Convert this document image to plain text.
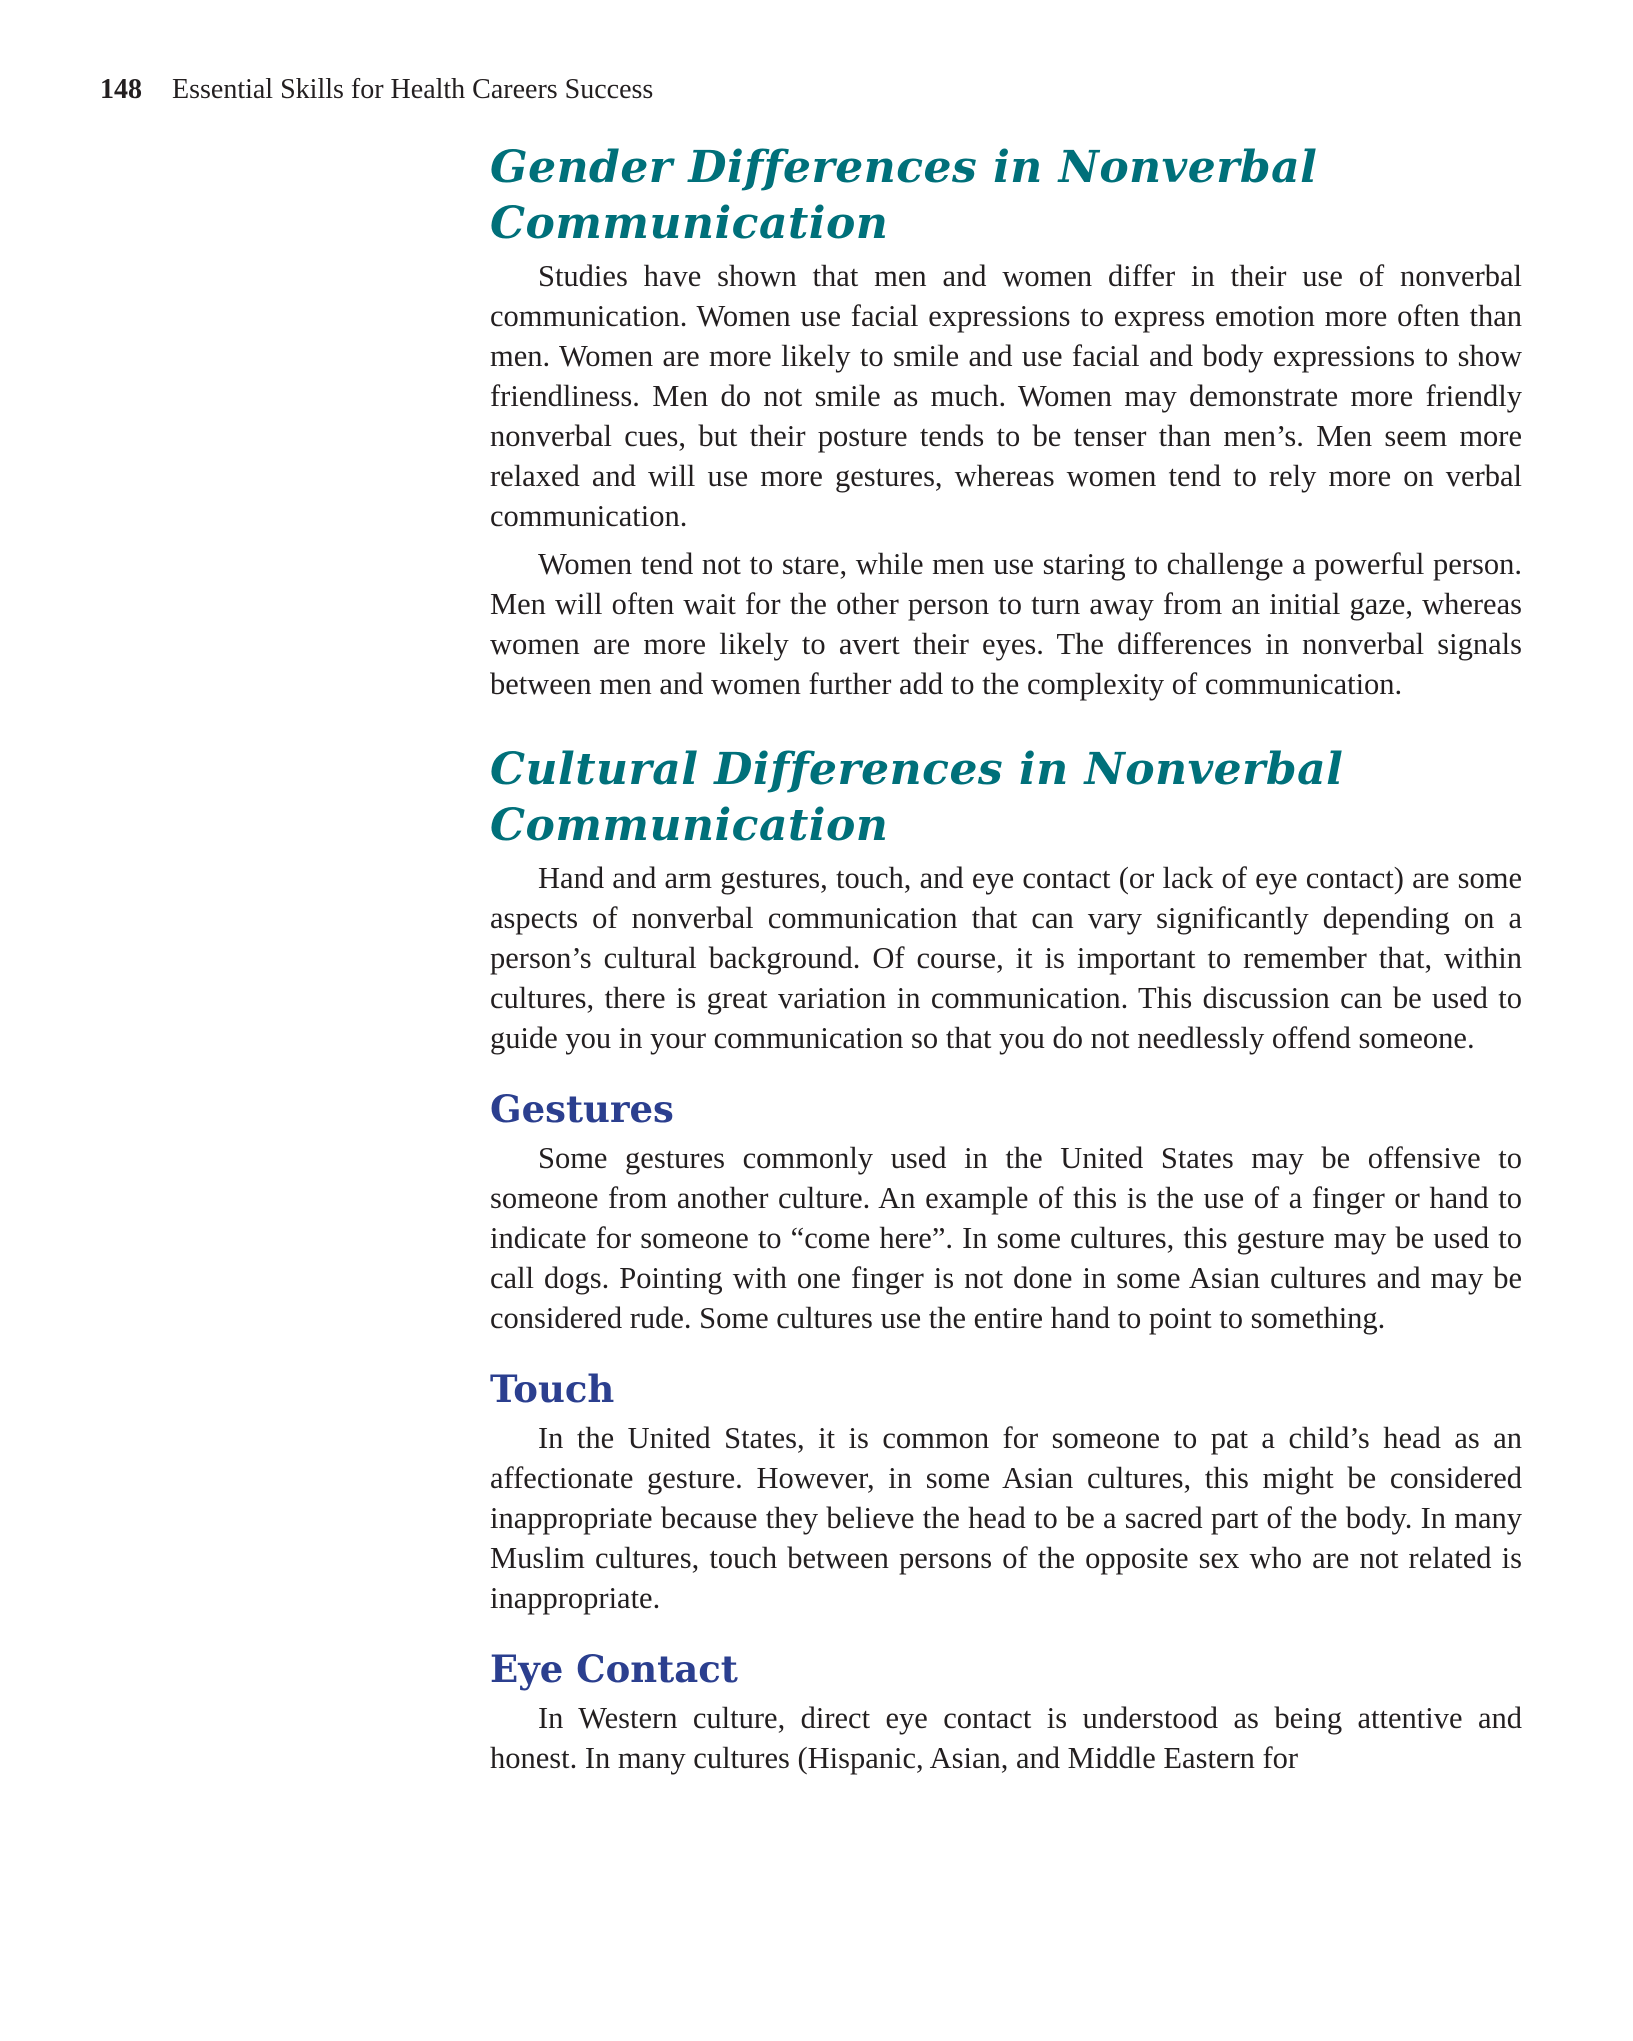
148 Essential Skills for Health Careers Success
Gender Differences in Nonverbal Communication

Studies have shown that men and women differ in their use of nonverbal communication. Women use facial expressions to express emotion more often than men. Women are more likely to smile and use facial and body expressions to show friendliness. Men do not smile as much. Women may demonstrate more friendly nonverbal cues, but their posture tends to be tenser than men’s. Men seem more relaxed and will use more gestures, whereas women tend to rely more on verbal communication.

Women tend not to stare, while men use staring to challenge a powerful person. Men will often wait for the other person to turn away from an initial gaze, whereas women are more likely to avert their eyes. The differences in nonverbal signals between men and women further add to the complexity of communication.

Cultural Differences in Nonverbal Communication

Hand and arm gestures, touch, and eye contact (or lack of eye contact) are some aspects of nonverbal communication that can vary significantly depending on a person’s cultural background. Of course, it is important to remember that, within cultures, there is great variation in communication. This discussion can be used to guide you in your communication so that you do not needlessly offend someone.

Gestures

Some gestures commonly used in the United States may be offensive to someone from another culture. An example of this is the use of a finger or hand to indicate for someone to “come here”. In some cultures, this gesture may be used to call dogs. Pointing with one finger is not done in some Asian cultures and may be considered rude. Some cultures use the entire hand to point to something.

Touch

In the United States, it is common for someone to pat a child’s head as an affectionate gesture. However, in some Asian cultures, this might be considered inappropriate because they believe the head to be a sacred part of the body. In many Muslim cultures, touch between persons of the opposite sex who are not related is inappropriate.

Eye Contact

In Western culture, direct eye contact is understood as being attentive and honest. In many cultures (Hispanic, Asian, and Middle Eastern for
